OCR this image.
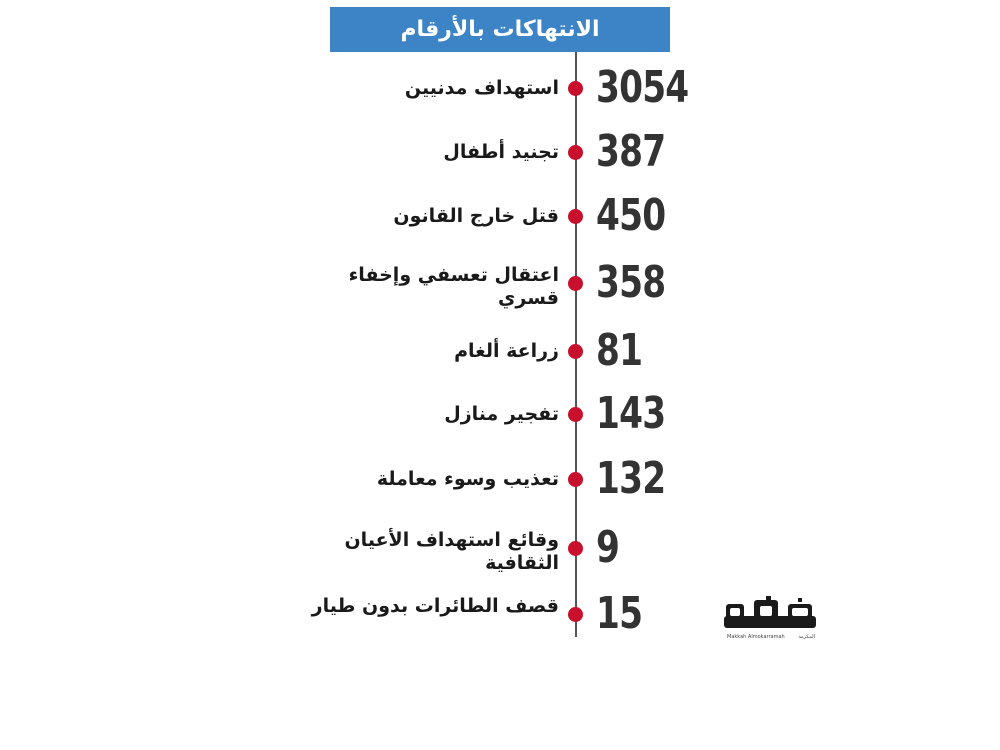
الانتهاكات بالأرقام
3054
استهداف مدنيين
387
تجنيد أطفال
450
قتل خارج القانون
358
اعتقال تعسفي وإخفاء قسري
81
زراعة ألغام
143
تفجير منازل
132
تعذيب وسوء معاملة
9
وقائع استهداف الأعيان الثقافية
15
قصف الطائرات بدون طيار
Makkah Almokarramah	المكرمة
